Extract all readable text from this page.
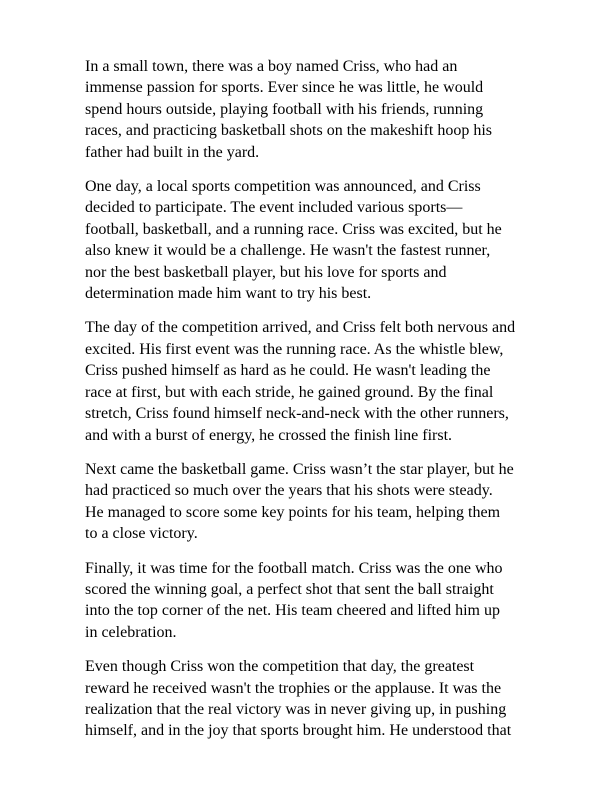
In a small town, there was a boy named Criss, who had an
immense passion for sports. Ever since he was little, he would
spend hours outside, playing football with his friends, running
races, and practicing basketball shots on the makeshift hoop his
father had built in the yard.

One day, a local sports competition was announced, and Criss
decided to participate. The event included various sports—
football, basketball, and a running race. Criss was excited, but he
also knew it would be a challenge. He wasn't the fastest runner,
nor the best basketball player, but his love for sports and
determination made him want to try his best.

The day of the competition arrived, and Criss felt both nervous and
excited. His first event was the running race. As the whistle blew,
Criss pushed himself as hard as he could. He wasn't leading the
race at first, but with each stride, he gained ground. By the final
stretch, Criss found himself neck-and-neck with the other runners,
and with a burst of energy, he crossed the finish line first.

Next came the basketball game. Criss wasn’t the star player, but he
had practiced so much over the years that his shots were steady.
He managed to score some key points for his team, helping them
to a close victory.

Finally, it was time for the football match. Criss was the one who
scored the winning goal, a perfect shot that sent the ball straight
into the top corner of the net. His team cheered and lifted him up
in celebration.

Even though Criss won the competition that day, the greatest
reward he received wasn't the trophies or the applause. It was the
realization that the real victory was in never giving up, in pushing
himself, and in the joy that sports brought him. He understood that
